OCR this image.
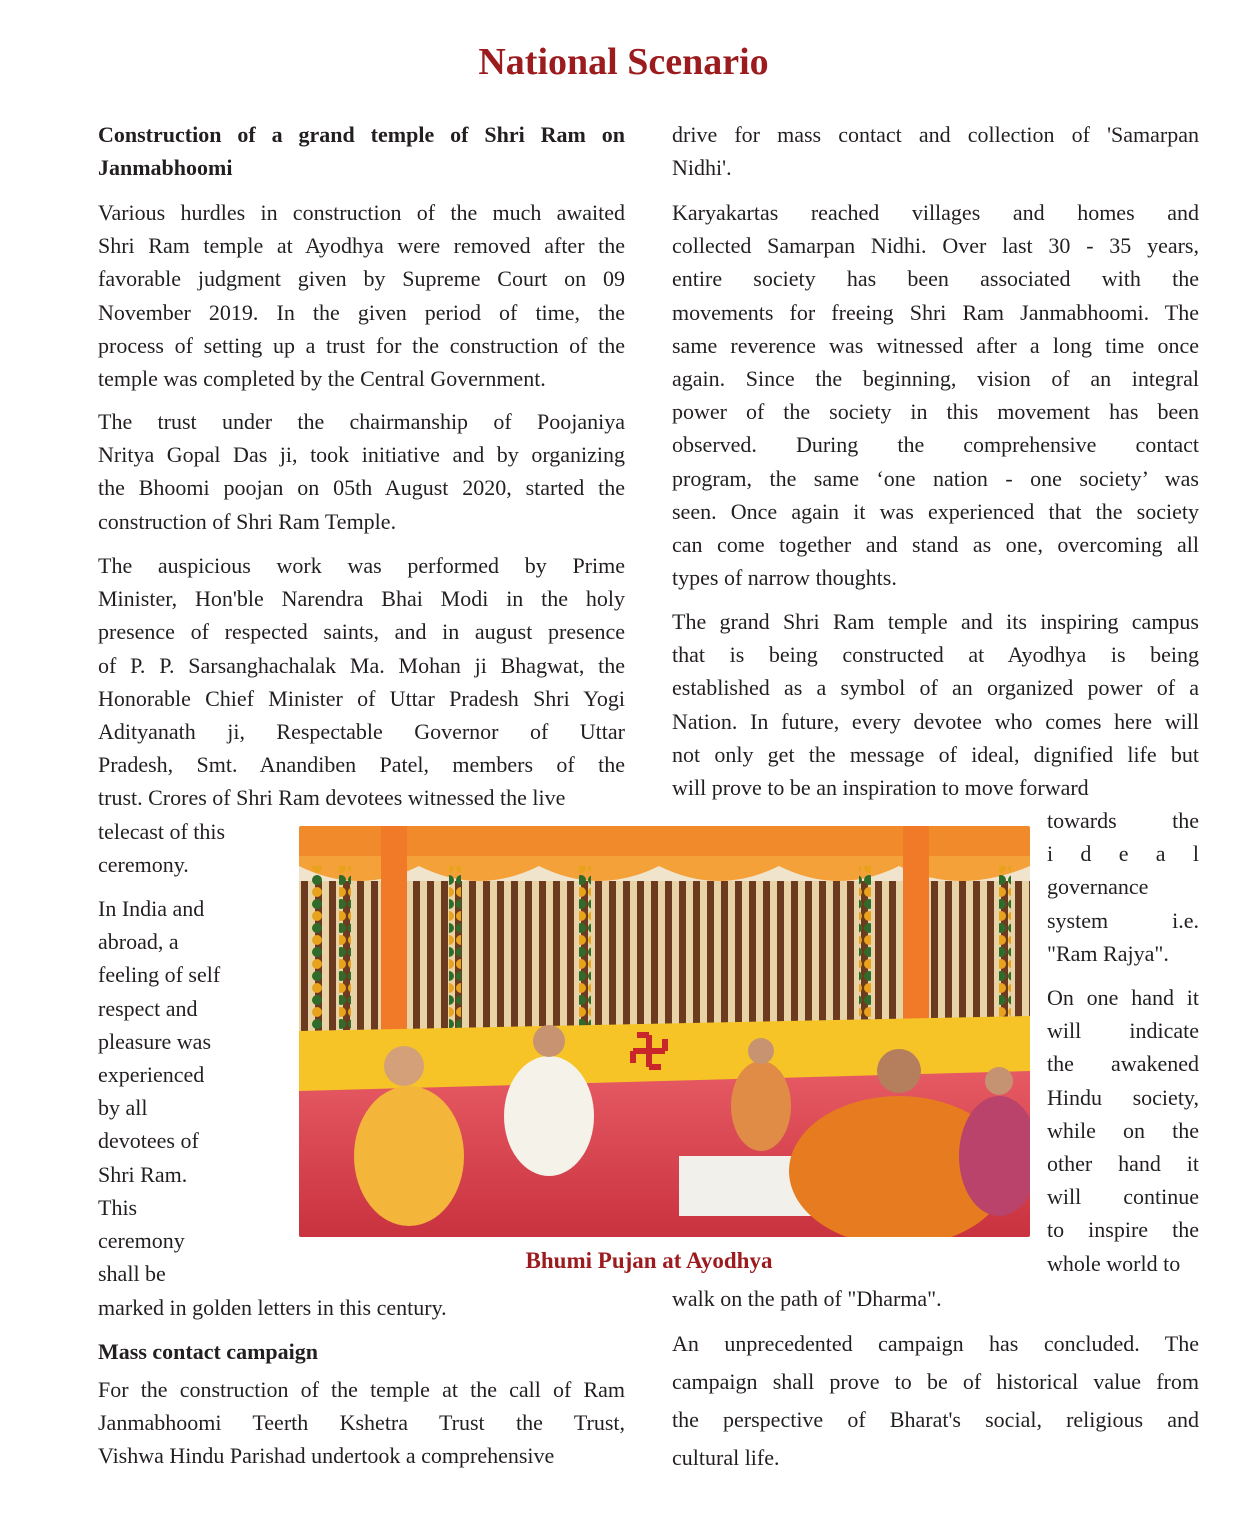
National Scenario
Construction of a grand temple of Shri Ram on
Janmabhoomi
Various hurdles in construction of the much awaited
Shri Ram temple at Ayodhya were removed after the
favorable judgment given by Supreme Court on 09
November 2019. In the given period of time, the
process of setting up a trust for the construction of the
temple was completed by the Central Government.
The trust under the chairmanship of Poojaniya
Nritya Gopal Das ji, took initiative and by organizing
the Bhoomi poojan on 05th August 2020, started the
construction of Shri Ram Temple.
The auspicious work was performed by Prime
Minister, Hon'ble Narendra Bhai Modi in the holy
presence of respected saints, and in august presence
of P. P. Sarsanghachalak Ma. Mohan ji Bhagwat, the
Honorable Chief Minister of Uttar Pradesh Shri Yogi
Adityanath ji, Respectable Governor of Uttar
Pradesh, Smt. Anandiben Patel, members of the
trust. Crores of Shri Ram devotees witnessed the live
telecast of this
ceremony.
In India and
abroad, a
feeling of self
respect and
pleasure was
experienced
by all
devotees of
Shri Ram.
This
ceremony
shall be
marked in golden letters in this century.
Mass contact campaign
For the construction of the temple at the call of Ram
Janmabhoomi Teerth Kshetra Trust the Trust,
Vishwa Hindu Parishad undertook a comprehensive
drive for mass contact and collection of 'Samarpan
Nidhi'.
Karyakartas reached villages and homes and
collected Samarpan Nidhi. Over last 30 - 35 years,
entire society has been associated with the
movements for freeing Shri Ram Janmabhoomi. The
same reverence was witnessed after a long time once
again. Since the beginning, vision of an integral
power of the society in this movement has been
observed. During the comprehensive contact
program, the same ‘one nation - one society’ was
seen. Once again it was experienced that the society
can come together and stand as one, overcoming all
types of narrow thoughts.
The grand Shri Ram temple and its inspiring campus
that is being constructed at Ayodhya is being
established as a symbol of an organized power of a
Nation. In future, every devotee who comes here will
not only get the message of ideal, dignified life but
will prove to be an inspiration to move forward
towards the
i d e a l
governance
system i.e.
"Ram Rajya".
On one hand it
will indicate
the awakened
Hindu society,
while on the
other hand it
will continue
to inspire the
whole world to
walk on the path of "Dharma".
An unprecedented campaign has concluded. The
campaign shall prove to be of historical value from
the perspective of Bharat's social, religious and
cultural life.
Bhumi Pujan at Ayodhya
